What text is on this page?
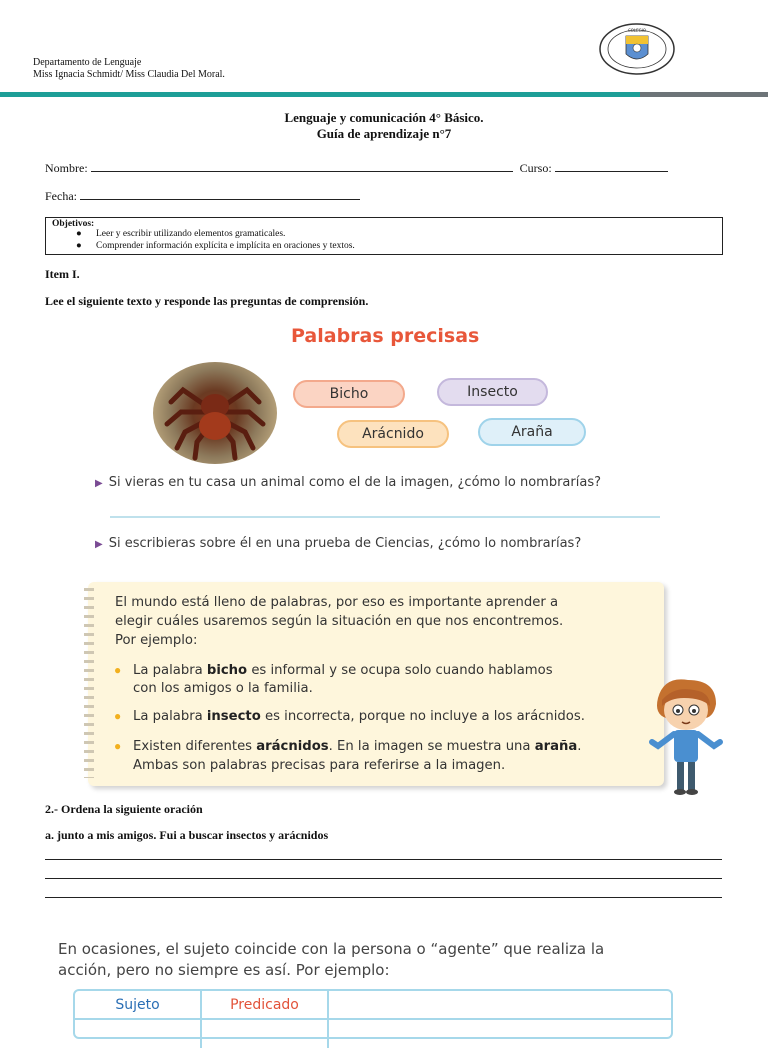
Departamento de Lenguaje
Miss Ignacia Schmidt/ Miss Claudia Del Moral.
COLEGIO
Lenguaje y comunicación 4° Básico.
Guía de aprendizaje n°7
Nombre:	Curso:
Fecha:
Objetivos:
● Leer y escribir utilizando elementos gramaticales.
● Comprender información explícita e implícita en oraciones y textos.
Item I.
Lee el siguiente texto y responde las preguntas de comprensión.
Palabras precisas
Bicho	Insecto
Arácnido	Araña
▶ Si vieras en tu casa un animal como el de la imagen, ¿cómo lo nombrarías?
▶ Si escribieras sobre él en una prueba de Ciencias, ¿cómo lo nombrarías?
El mundo está lleno de palabras, por eso es importante aprender a
elegir cuáles usaremos según la situación en que nos encontremos.
Por ejemplo:
● La palabra bicho es informal y se ocupa solo cuando hablamos
con los amigos o la familia.
● La palabra insecto es incorrecta, porque no incluye a los arácnidos.
● Existen diferentes arácnidos. En la imagen se muestra una araña.
Ambas son palabras precisas para referirse a la imagen.
2.- Ordena la siguiente oración
a. junto a mis amigos. Fui a buscar insectos y arácnidos
En ocasiones, el sujeto coincide con la persona o “agente” que realiza la
acción, pero no siempre es así. Por ejemplo:
Sujeto	Predicado
